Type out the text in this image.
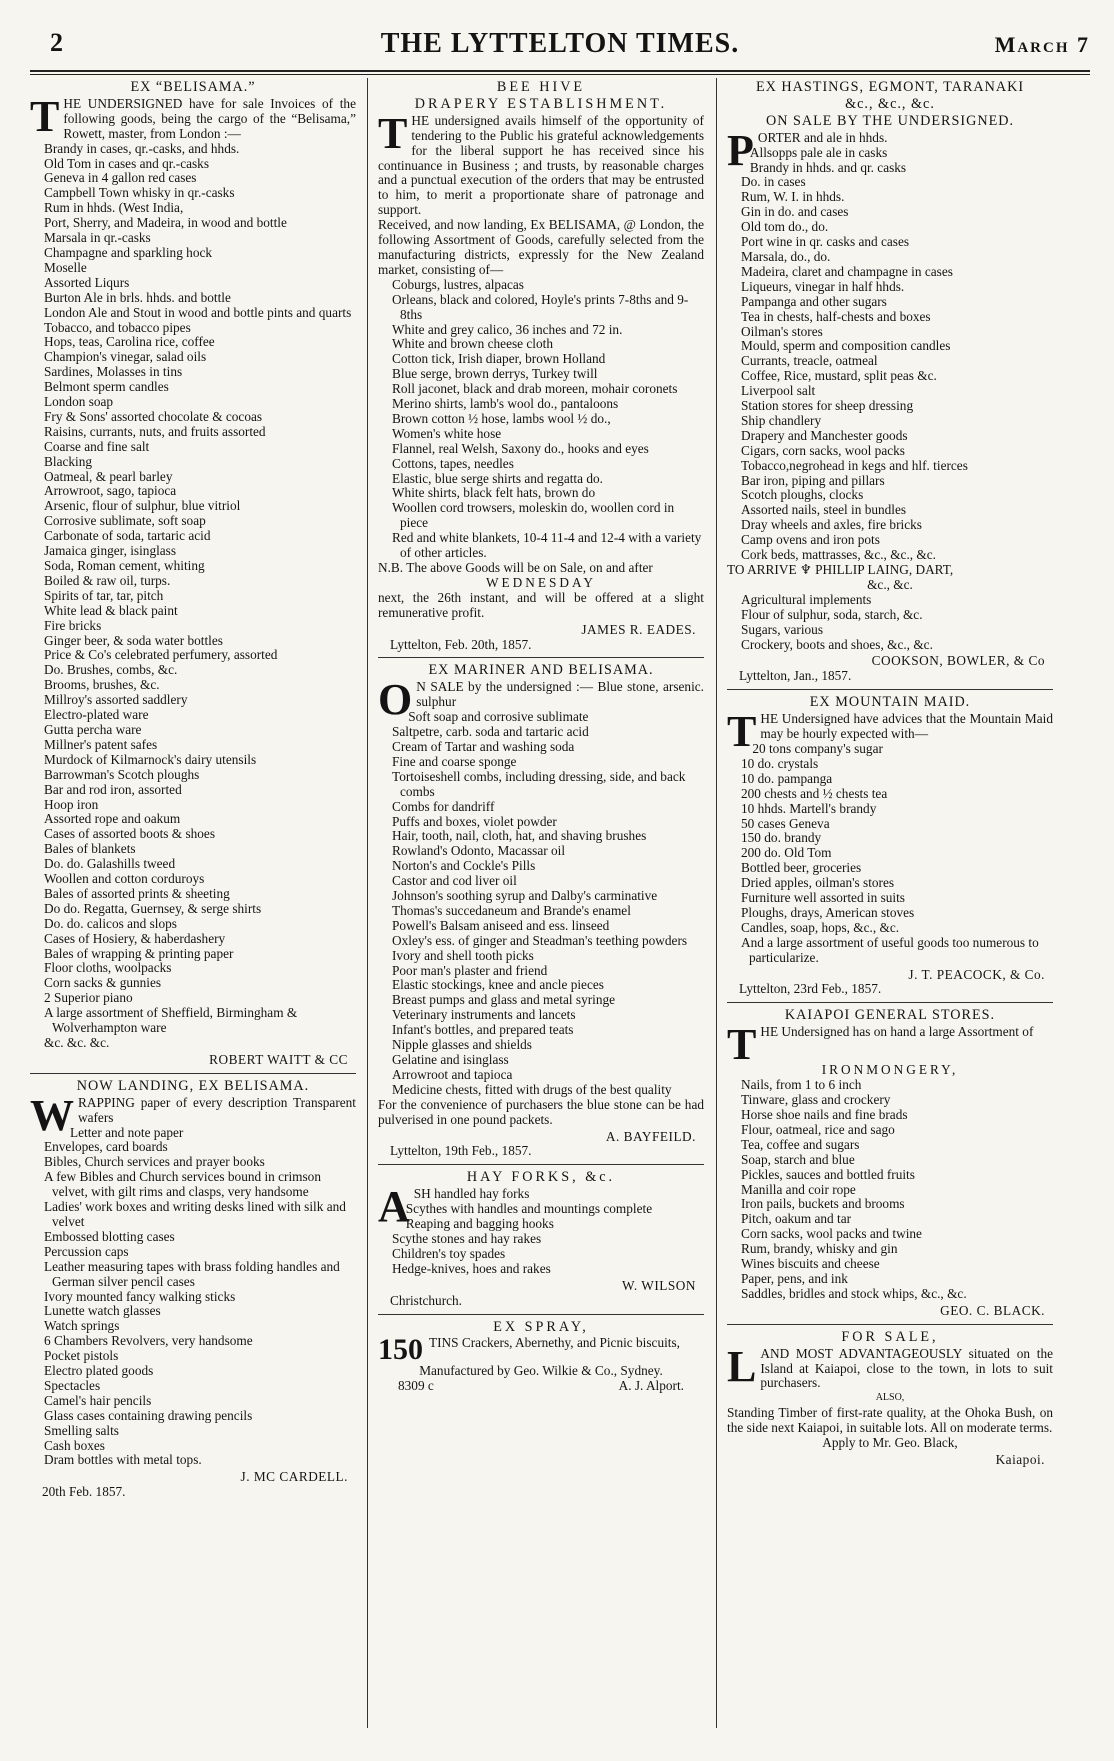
THE LYTTELTON TIMES.
2	March 7
EX “BELISAMA.”

THE UNDERSIGNED have for sale Invoices of the following goods, being the cargo of the “Belisama,” Rowett, master, from London :—

Brandy in cases, qr.-casks, and hhds.
Old Tom in cases and qr.-casks
Geneva in 4 gallon red cases
Campbell Town whisky in qr.-casks
Rum in hhds. (West India,
Port, Sherry, and Madeira, in wood and bottle
Marsala in qr.-casks
Champagne and sparkling hock
Moselle
Assorted Liqurs
Burton Ale in brls. hhds. and bottle
London Ale and Stout in wood and bottle pints and quarts
Tobacco, and tobacco pipes
Hops, teas, Carolina rice, coffee
Champion's vinegar, salad oils
Sardines, Molasses in tins
Belmont sperm candles
London soap
Fry & Sons' assorted chocolate & cocoas
Raisins, currants, nuts, and fruits assorted
Coarse and fine salt
Blacking
Oatmeal, & pearl barley
Arrowroot, sago, tapioca
Arsenic, flour of sulphur, blue vitriol
Corrosive sublimate, soft soap
Carbonate of soda, tartaric acid
Jamaica ginger, isinglass
Soda, Roman cement, whiting
Boiled & raw oil, turps.
Spirits of tar, tar, pitch
White lead & black paint
Fire bricks
Ginger beer, & soda water bottles
Price & Co's celebrated perfumery, assorted
Do. Brushes, combs, &c.
Brooms, brushes, &c.
Millroy's assorted saddlery
Electro-plated ware
Gutta percha ware
Millner's patent safes
Murdock of Kilmarnock's dairy utensils
Barrowman's Scotch ploughs
Bar and rod iron, assorted
Hoop iron
Assorted rope and oakum
Cases of assorted boots & shoes
Bales of blankets
Do. do. Galashills tweed
Woollen and cotton corduroys
Bales of assorted prints & sheeting
Do do. Regatta, Guernsey, & serge shirts
Do. do. calicos and slops
Cases of Hosiery, & haberdashery
Bales of wrapping & printing paper
Floor cloths, woolpacks
Corn sacks & gunnies
2 Superior piano
A large assortment of Sheffield, Birmingham & Wolverhampton ware
&c. &c. &c.
ROBERT WAITT & CC
NOW LANDING, EX BELISAMA.

WRAPPING paper of every description Transparent wafers

Letter and note paper
Envelopes, card boards
Bibles, Church services and prayer books
A few Bibles and Church services bound in crimson velvet, with gilt rims and clasps, very handsome
Ladies' work boxes and writing desks lined with silk and velvet
Embossed blotting cases
Percussion caps
Leather measuring tapes with brass folding handles and German silver pencil cases
Ivory mounted fancy walking sticks
Lunette watch glasses
Watch springs
6 Chambers Revolvers, very handsome
Pocket pistols
Electro plated goods
Spectacles
Camel's hair pencils
Glass cases containing drawing pencils
Smelling salts
Cash boxes
Dram bottles with metal tops.
J. MC CARDELL.
20th Feb. 1857.
BEE HIVE
DRAPERY ESTABLISHMENT.

THE undersigned avails himself of the opportunity of tendering to the Public his grateful acknowledgements for the liberal support he has received since his continuance in Business ; and trusts, by reasonable charges and a punctual execution of the orders that may be entrusted to him, to merit a proportionate share of patronage and support.

Received, and now landing, Ex BELISAMA, @ London, the following Assortment of Goods, carefully selected from the manufacturing districts, expressly for the New Zealand market, consisting of—

Coburgs, lustres, alpacas
Orleans, black and colored, Hoyle's prints 7-8ths and 9-8ths
White and grey calico, 36 inches and 72 in.
White and brown cheese cloth
Cotton tick, Irish diaper, brown Holland
Blue serge, brown derrys, Turkey twill
Roll jaconet, black and drab moreen, mohair coronets
Merino shirts, lamb's wool do., pantaloons
Brown cotton ½ hose, lambs wool ½ do.,
Women's white hose
Flannel, real Welsh, Saxony do., hooks and eyes
Cottons, tapes, needles
Elastic, blue serge shirts and regatta do.
White shirts, black felt hats, brown do
Woollen cord trowsers, moleskin do, woollen cord in piece
Red and white blankets, 10-4 11-4 and 12-4 with a variety of other articles.

N.B. The above Goods will be on Sale, on and after

WEDNESDAY

next, the 26th instant, and will be offered at a slight remunerative profit.

JAMES R. EADES.
Lyttelton, Feb. 20th, 1857.
EX MARINER AND BELISAMA.

O N SALE by the undersigned :— Blue stone, arsenic. sulphur

Soft soap and corrosive sublimate
Saltpetre, carb. soda and tartaric acid
Cream of Tartar and washing soda
Fine and coarse sponge
Tortoiseshell combs, including dressing, side, and back combs
Combs for dandriff
Puffs and boxes, violet powder
Hair, tooth, nail, cloth, hat, and shaving brushes
Rowland's Odonto, Macassar oil
Norton's and Cockle's Pills
Castor and cod liver oil
Johnson's soothing syrup and Dalby's carminative
Thomas's succedaneum and Brande's enamel
Powell's Balsam aniseed and ess. linseed
Oxley's ess. of ginger and Steadman's teething powders
Ivory and shell tooth picks
Poor man's plaster and friend
Elastic stockings, knee and ancle pieces
Breast pumps and glass and metal syringe
Veterinary instruments and lancets
Infant's bottles, and prepared teats
Nipple glasses and shields
Gelatine and isinglass
Arrowroot and tapioca
Medicine chests, fitted with drugs of the best quality

For the convenience of purchasers the blue stone can be had pulverised in one pound packets.

A. BAYFEILD.
Lyttelton, 19th Feb., 1857.
HAY FORKS, &c.

ASH handled hay forks

Scythes with handles and mountings complete
Reaping and bagging hooks
Scythe stones and hay rakes
Children's toy spades
Hedge-knives, hoes and rakes
W. WILSON
Christchurch.
EX SPRAY,

150 TINS Crackers, Abernethy, and Picnic biscuits,

Manufactured by Geo. Wilkie & Co., Sydney.
8309 c	A. J. Alport.
EX HASTINGS, EGMONT, TARANAKI
&c., &c., &c.
ON SALE BY THE UNDERSIGNED.

PORTER and ale in hhds.

Allsopps pale ale in casks
Brandy in hhds. and qr. casks
Do. in cases
Rum, W. I. in hhds.
Gin in do. and cases
Old tom do., do.
Port wine in qr. casks and cases
Marsala, do., do.
Madeira, claret and champagne in cases
Liqueurs, vinegar in half hhds.
Pampanga and other sugars
Tea in chests, half-chests and boxes
Oilman's stores
Mould, sperm and composition candles
Currants, treacle, oatmeal
Coffee, Rice, mustard, split peas &c.
Liverpool salt
Station stores for sheep dressing
Ship chandlery
Drapery and Manchester goods
Cigars, corn sacks, wool packs
Tobacco,negrohead in kegs and hlf. tierces
Bar iron, piping and pillars
Scotch ploughs, clocks
Assorted nails, steel in bundles
Dray wheels and axles, fire bricks
Camp ovens and iron pots
Cork beds, mattrasses, &c., &c., &c.
TO ARRIVE ♆ PHILLIP LAING, DART,
&c., &c.
Agricultural implements
Flour of sulphur, soda, starch, &c.
Sugars, various
Crockery, boots and shoes, &c., &c.
COOKSON, BOWLER, & Co
Lyttelton, Jan., 1857.
EX MOUNTAIN MAID.

THE Undersigned have advices that the Mountain Maid may be hourly expected with—

20 tons company's sugar
10 do. crystals
10 do. pampanga
200 chests and ½ chests tea
10 hhds. Martell's brandy
50 cases Geneva
150 do. brandy
200 do. Old Tom
Bottled beer, groceries
Dried apples, oilman's stores
Furniture well assorted in suits
Ploughs, drays, American stoves
Candles, soap, hops, &c., &c.
And a large assortment of useful goods too numerous to particularize.
J. T. PEACOCK, & Co.
Lyttelton, 23rd Feb., 1857.
KAIAPOI GENERAL STORES.

THE Undersigned has on hand a large Assortment of

IRONMONGERY,
Nails, from 1 to 6 inch
Tinware, glass and crockery
Horse shoe nails and fine brads
Flour, oatmeal, rice and sago
Tea, coffee and sugars
Soap, starch and blue
Pickles, sauces and bottled fruits
Manilla and coir rope
Iron pails, buckets and brooms
Pitch, oakum and tar
Corn sacks, wool packs and twine
Rum, brandy, whisky and gin
Wines biscuits and cheese
Paper, pens, and ink
Saddles, bridles and stock whips, &c., &c.
GEO. C. BLACK.
FOR SALE,

LAND MOST ADVANTAGEOUSLY situated on the Island at Kaiapoi, close to the town, in lots to suit purchasers.

ALSO,

Standing Timber of first-rate quality, at the Ohoka Bush, on the side next Kaiapoi, in suitable lots. All on moderate terms.

Apply to Mr. Geo. Black,
Kaiapoi.
